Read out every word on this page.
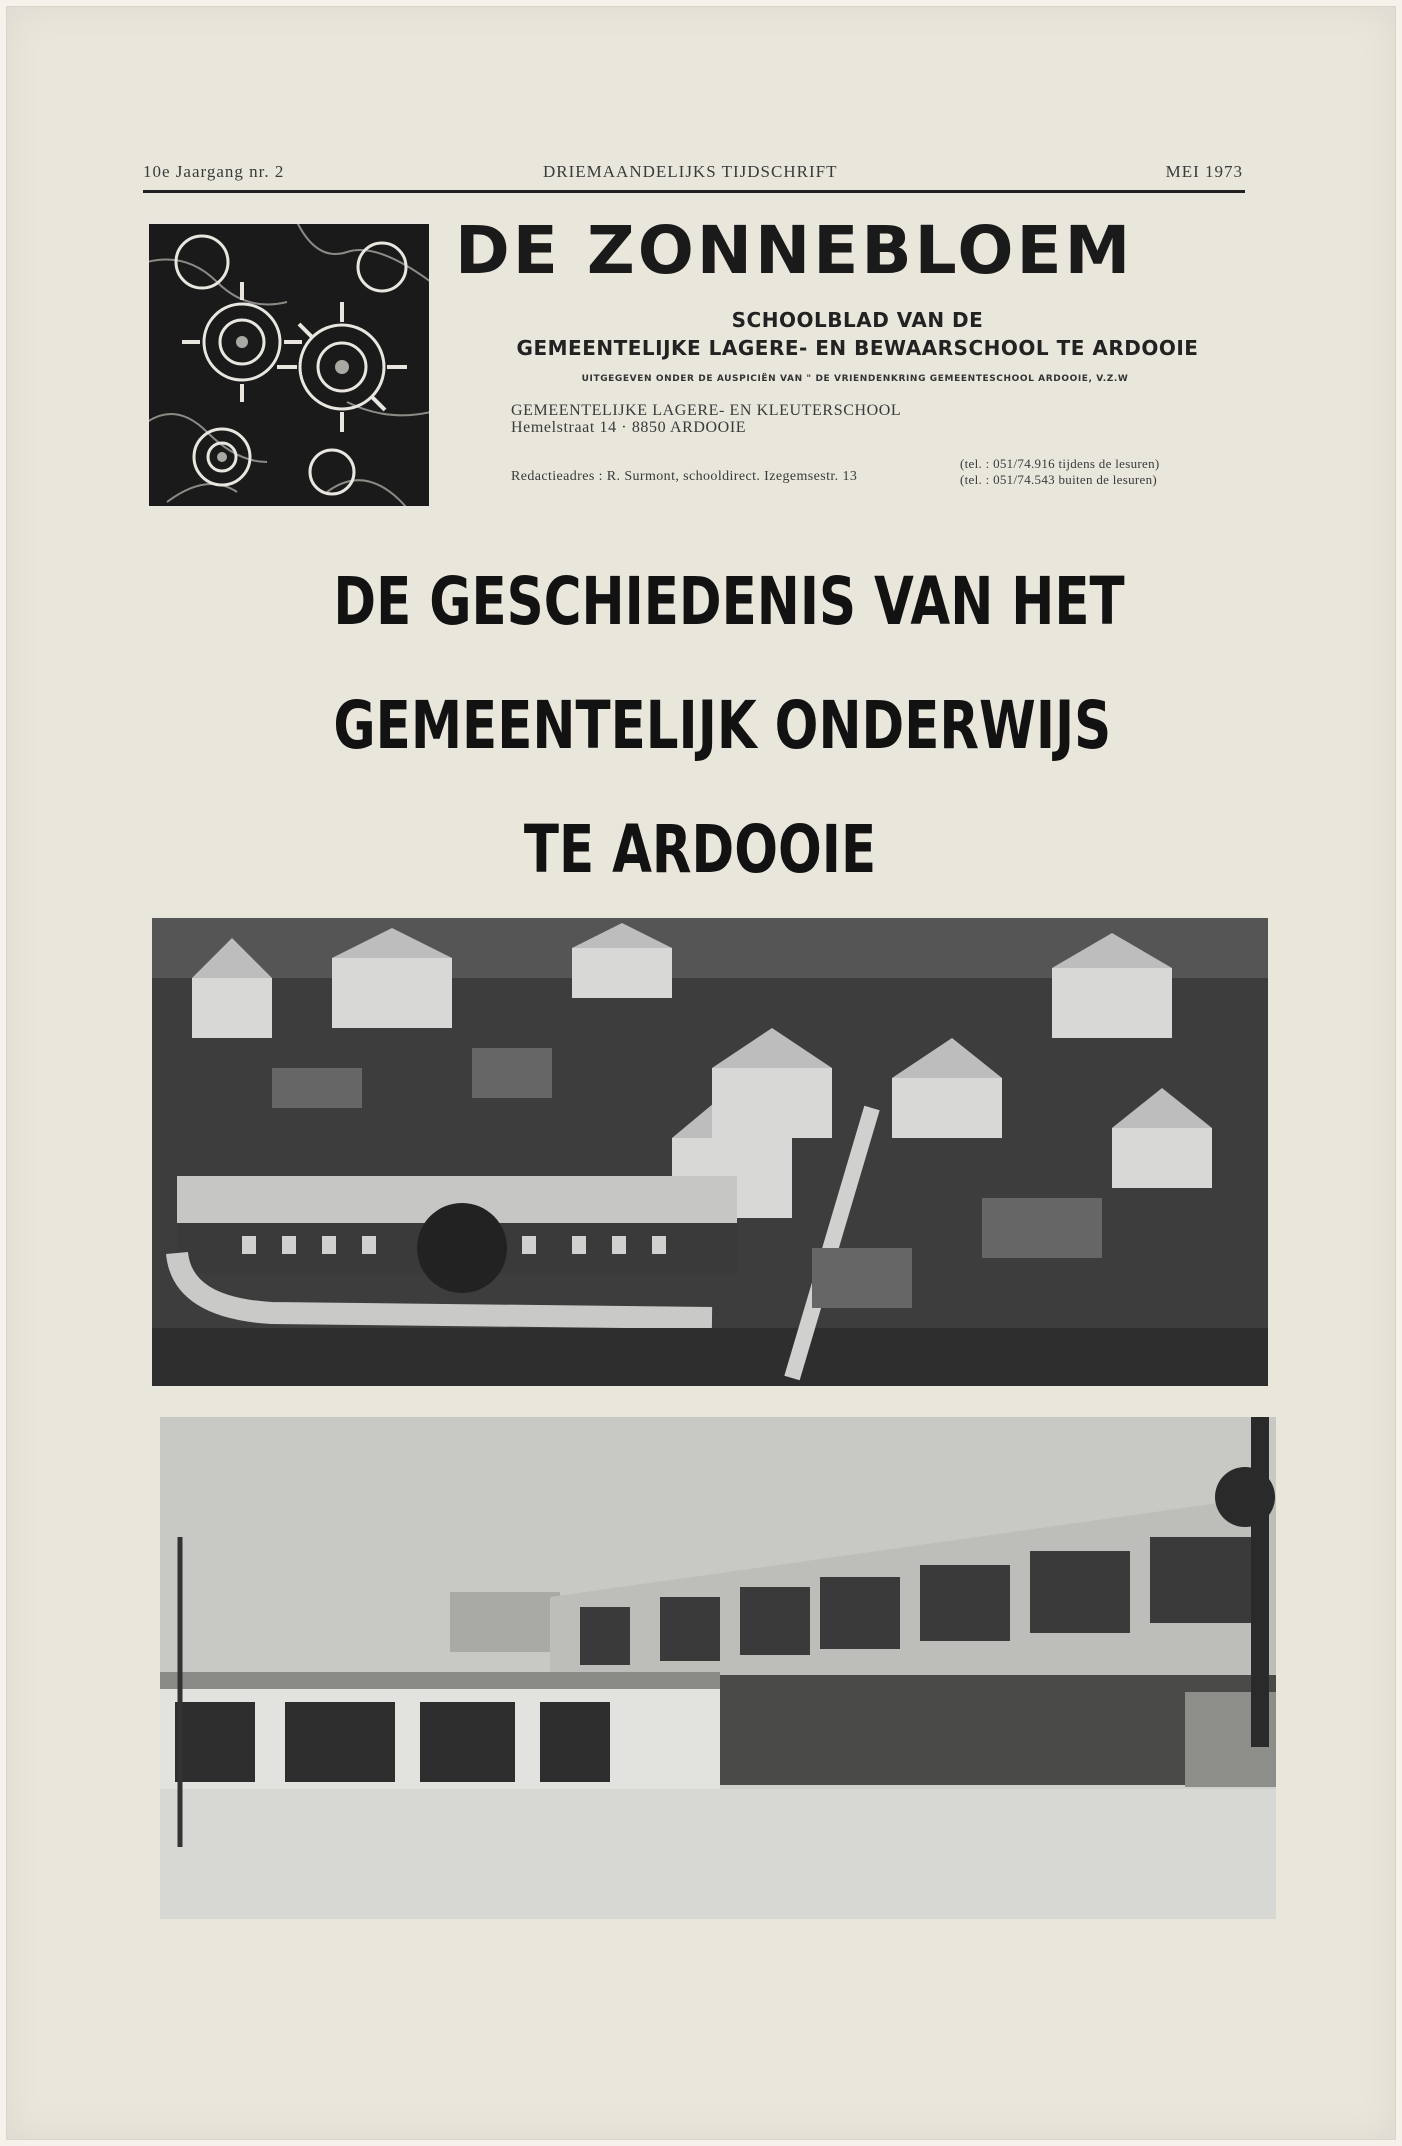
10e Jaargang nr. 2	DRIEMAANDELIJKS TIJDSCHRIFT	MEI 1973
DE ZONNEBLOEM
SCHOOLBLAD VAN DE
GEMEENTELIJKE LAGERE- EN BEWAARSCHOOL TE ARDOOIE
UITGEGEVEN ONDER DE AUSPICIËN VAN " DE VRIENDENKRING GEMEENTESCHOOL ARDOOIE, V.Z.W
GEMEENTELIJKE LAGERE- EN KLEUTERSCHOOL
Hemelstraat 14 · 8850 ARDOOIE
Redactieadres : R. Surmont, schooldirect. Izegemsestr. 13
(tel. : 051/74.916 tijdens de lesuren)
(tel. : 051/74.543 buiten de lesuren)
DE GESCHIEDENIS VAN HET
GEMEENTELIJK ONDERWIJS
TE ARDOOIE
